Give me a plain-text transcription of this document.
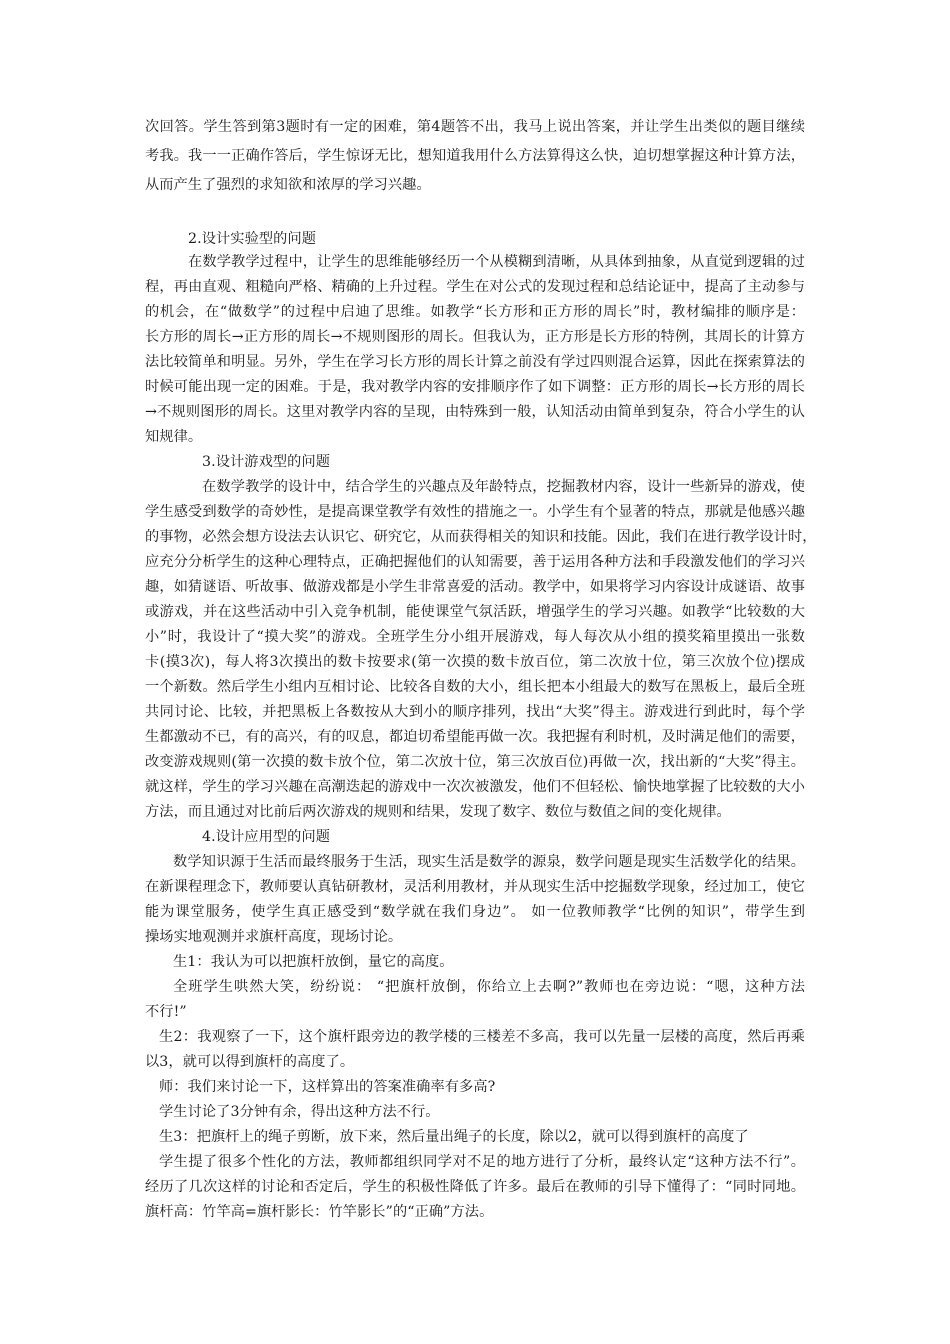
次回答。学生答到第3题时有一定的困难，第4题答不出，我马上说出答案，并让学生出类似的题目继续
考我。我一一正确作答后，学生惊讶无比，想知道我用什么方法算得这么快，迫切想掌握这种计算方法，
从而产生了强烈的求知欲和浓厚的学习兴趣。
2.设计实验型的问题
在数学教学过程中，让学生的思维能够经历一个从模糊到清晰，从具体到抽象，从直觉到逻辑的过
程，再由直观、粗糙向严格、精确的上升过程。学生在对公式的发现过程和总结论证中，提高了主动参与
的机会，在“做数学”的过程中启迪了思维。如教学“长方形和正方形的周长”时，教材编排的顺序是：
长方形的周长→正方形的周长→不规则图形的周长。但我认为，正方形是长方形的特例，其周长的计算方
法比较简单和明显。另外，学生在学习长方形的周长计算之前没有学过四则混合运算，因此在探索算法的
时候可能出现一定的困难。于是，我对教学内容的安排顺序作了如下调整：正方形的周长→长方形的周长
→不规则图形的周长。这里对教学内容的呈现，由特殊到一般，认知活动由简单到复杂，符合小学生的认
知规律。
3.设计游戏型的问题
在数学教学的设计中，结合学生的兴趣点及年龄特点，挖掘教材内容，设计一些新异的游戏，使
学生感受到数学的奇妙性，是提高课堂教学有效性的措施之一。小学生有个显著的特点，那就是他感兴趣
的事物，必然会想方设法去认识它、研究它，从而获得相关的知识和技能。因此，我们在进行教学设计时，
应充分分析学生的这种心理特点，正确把握他们的认知需要，善于运用各种方法和手段激发他们的学习兴
趣，如猜谜语、听故事、做游戏都是小学生非常喜爱的活动。教学中，如果将学习内容设计成谜语、故事
或游戏，并在这些活动中引入竞争机制，能使课堂气氛活跃，增强学生的学习兴趣。如教学“比较数的大
小”时，我设计了“摸大奖”的游戏。全班学生分小组开展游戏，每人每次从小组的摸奖箱里摸出一张数
卡(摸3次)，每人将3次摸出的数卡按要求(第一次摸的数卡放百位，第二次放十位，第三次放个位)摆成
一个新数。然后学生小组内互相讨论、比较各自数的大小，组长把本小组最大的数写在黑板上，最后全班
共同讨论、比较，并把黑板上各数按从大到小的顺序排列，找出“大奖”得主。游戏进行到此时，每个学
生都激动不已，有的高兴，有的叹息，都迫切希望能再做一次。我把握有利时机，及时满足他们的需要，
改变游戏规则(第一次摸的数卡放个位，第二次放十位，第三次放百位)再做一次，找出新的“大奖”得主。
就这样，学生的学习兴趣在高潮迭起的游戏中一次次被激发，他们不但轻松、愉快地掌握了比较数的大小
方法，而且通过对比前后两次游戏的规则和结果，发现了数字、数位与数值之间的变化规律。
4.设计应用型的问题
数学知识源于生活而最终服务于生活，现实生活是数学的源泉，数学问题是现实生活数学化的结果。
在新课程理念下，教师要认真钻研教材，灵活利用教材，并从现实生活中挖掘数学现象，经过加工，使它
能为课堂服务，使学生真正感受到“数学就在我们身边”。 如一位教师教学“比例的知识”，带学生到
操场实地观测并求旗杆高度，现场讨论。
生1：我认为可以把旗杆放倒，量它的高度。
全班学生哄然大笑，纷纷说： “把旗杆放倒，你给立上去啊?”教师也在旁边说：“嗯，这种方法
不行!”
生2：我观察了一下，这个旗杆跟旁边的教学楼的三楼差不多高，我可以先量一层楼的高度，然后再乘
以3，就可以得到旗杆的高度了。
师：我们来讨论一下，这样算出的答案准确率有多高?
学生讨论了3分钟有余，得出这种方法不行。
生3：把旗杆上的绳子剪断，放下来，然后量出绳子的长度，除以2，就可以得到旗杆的高度了
学生提了很多个性化的方法，教师都组织同学对不足的地方进行了分析，最终认定“这种方法不行”。
经历了几次这样的讨论和否定后，学生的积极性降低了许多。最后在教师的引导下懂得了：“同时同地。
旗杆高：竹竿高=旗杆影长：竹竿影长”的“正确”方法。
